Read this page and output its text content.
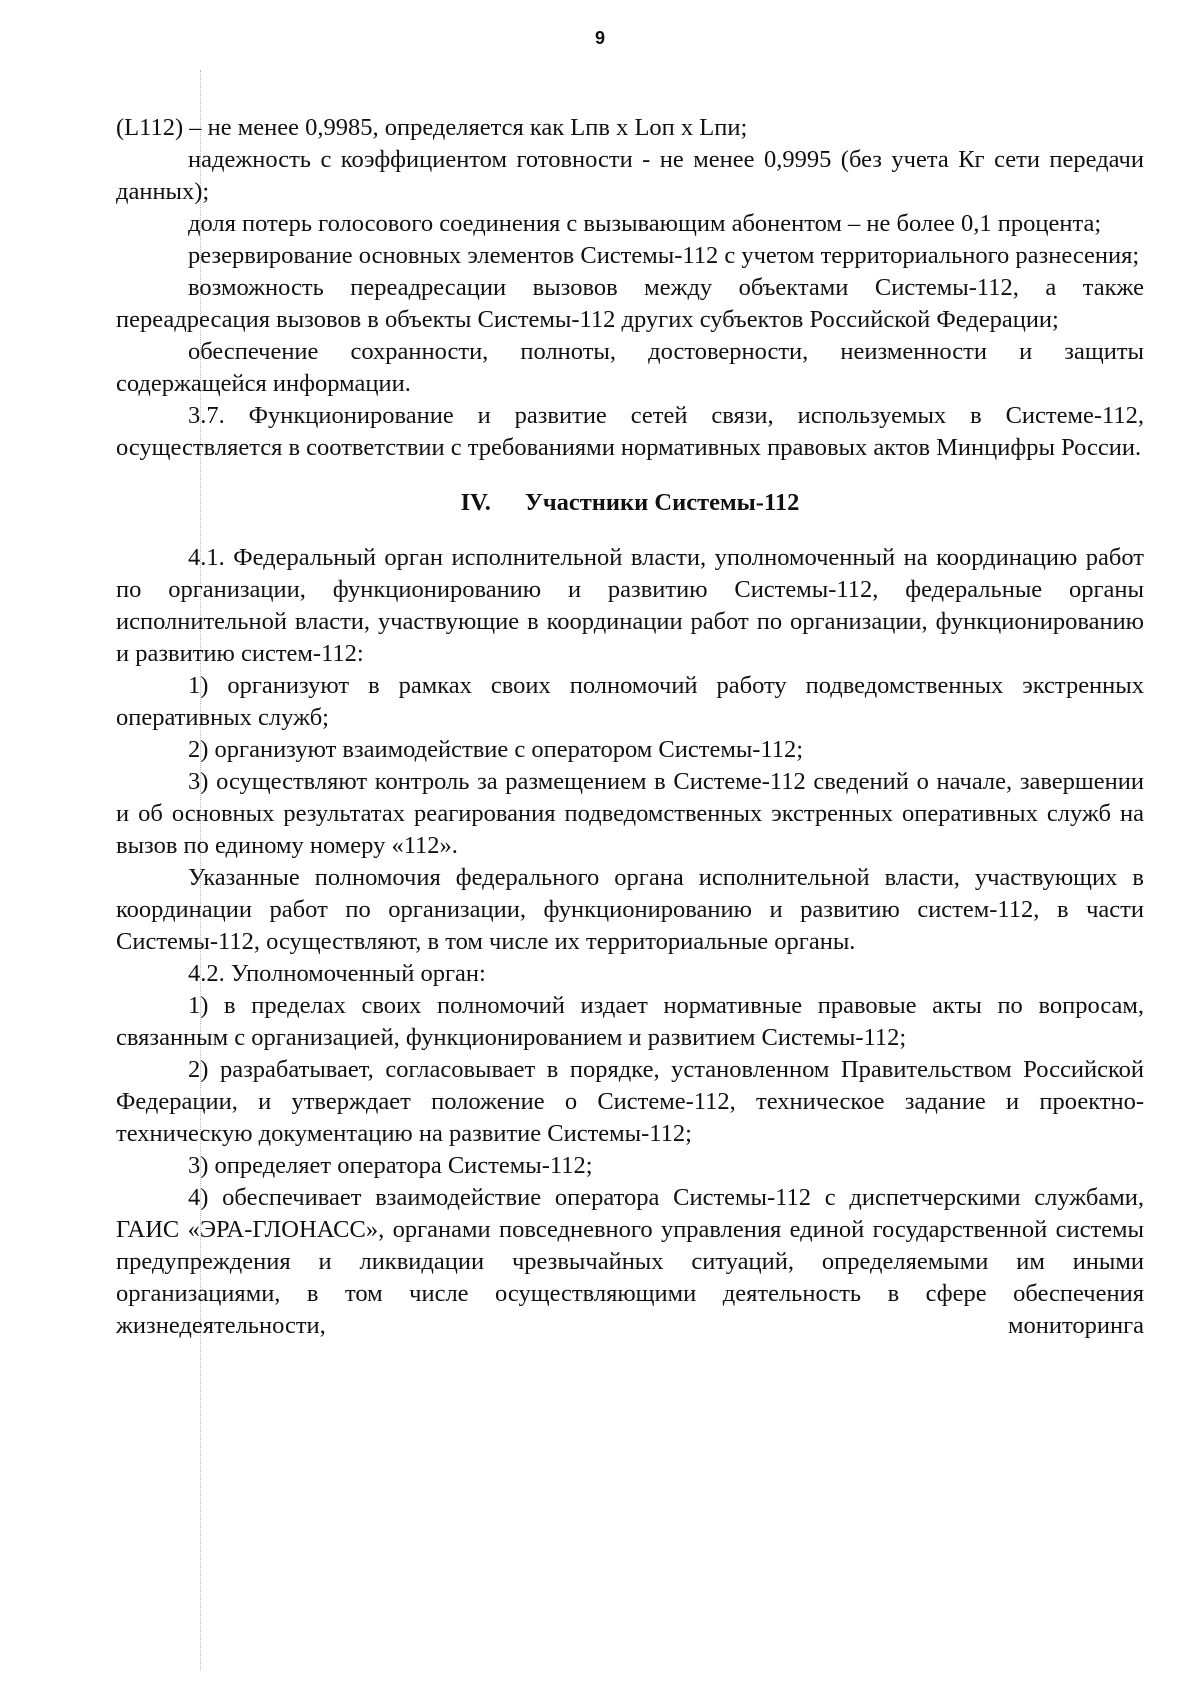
9

(L112) – не менее 0,9985, определяется как Lпв x Lоп x Lпи;

надежность с коэффициентом готовности - не менее 0,9995 (без учета Кг сети передачи данных);

доля потерь голосового соединения с вызывающим абонентом – не более 0,1 процента;

резервирование основных элементов Системы-112 с учетом территориального разнесения;

возможность переадресации вызовов между объектами Системы-112, а также переадресация вызовов в объекты Системы-112 других субъектов Российской Федерации;

обеспечение сохранности, полноты, достоверности, неизменности и защиты содержащейся информации.

3.7. Функционирование и развитие сетей связи, используемых в Системе-112, осуществляется в соответствии с требованиями нормативных правовых актов Минцифры России.

IV. Участники Системы-112

4.1. Федеральный орган исполнительной власти, уполномоченный на координацию работ по организации, функционированию и развитию Системы-112, федеральные органы исполнительной власти, участвующие в координации работ по организации, функционированию и развитию систем-112:

1) организуют в рамках своих полномочий работу подведомственных экстренных оперативных служб;

2) организуют взаимодействие с оператором Системы-112;

3) осуществляют контроль за размещением в Системе-112 сведений о начале, завершении и об основных результатах реагирования подведомственных экстренных оперативных служб на вызов по единому номеру «112».

Указанные полномочия федерального органа исполнительной власти, участвующих в координации работ по организации, функционированию и развитию систем-112, в части Системы-112, осуществляют, в том числе их территориальные органы.

4.2. Уполномоченный орган:

1) в пределах своих полномочий издает нормативные правовые акты по вопросам, связанным с организацией, функционированием и развитием Системы-112;

2) разрабатывает, согласовывает в порядке, установленном Правительством Российской Федерации, и утверждает положение о Системе-112, техническое задание и проектно-техническую документацию на развитие Системы-112;

3) определяет оператора Системы-112;

4) обеспечивает взаимодействие оператора Системы-112 с диспетчерскими службами, ГАИС «ЭРА-ГЛОНАСС», органами повседневного управления единой государственной системы предупреждения и ликвидации чрезвычайных ситуаций, определяемыми им иными организациями, в том числе осуществляющими деятельность в сфере обеспечения жизнедеятельности, мониторинга
